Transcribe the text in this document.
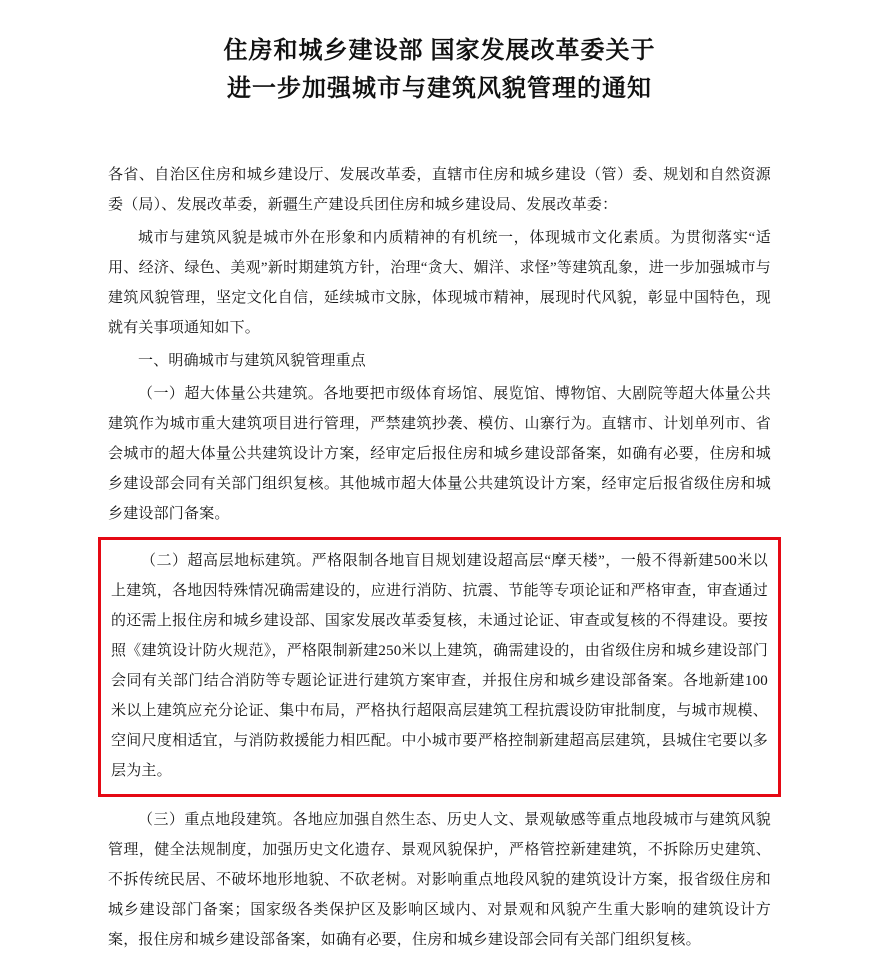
住房和城乡建设部 国家发展改革委关于
进一步加强城市与建筑风貌管理的通知

各省、自治区住房和城乡建设厅、发展改革委，直辖市住房和城乡建设（管）委、规划和自然资源委（局）、发展改革委，新疆生产建设兵团住房和城乡建设局、发展改革委：

城市与建筑风貌是城市外在形象和内质精神的有机统一，体现城市文化素质。为贯彻落实“适用、经济、绿色、美观”新时期建筑方针，治理“贪大、媚洋、求怪”等建筑乱象，进一步加强城市与建筑风貌管理，坚定文化自信，延续城市文脉，体现城市精神，展现时代风貌，彰显中国特色，现就有关事项通知如下。

一、明确城市与建筑风貌管理重点

（一）超大体量公共建筑。各地要把市级体育场馆、展览馆、博物馆、大剧院等超大体量公共建筑作为城市重大建筑项目进行管理，严禁建筑抄袭、模仿、山寨行为。直辖市、计划单列市、省会城市的超大体量公共建筑设计方案，经审定后报住房和城乡建设部备案，如确有必要，住房和城乡建设部会同有关部门组织复核。其他城市超大体量公共建筑设计方案，经审定后报省级住房和城乡建设部门备案。

（二）超高层地标建筑。严格限制各地盲目规划建设超高层“摩天楼”，一般不得新建500米以上建筑，各地因特殊情况确需建设的，应进行消防、抗震、节能等专项论证和严格审查，审查通过的还需上报住房和城乡建设部、国家发展改革委复核，未通过论证、审查或复核的不得建设。要按照《建筑设计防火规范》，严格限制新建250米以上建筑，确需建设的，由省级住房和城乡建设部门会同有关部门结合消防等专题论证进行建筑方案审查，并报住房和城乡建设部备案。各地新建100米以上建筑应充分论证、集中布局，严格执行超限高层建筑工程抗震设防审批制度，与城市规模、空间尺度相适宜，与消防救援能力相匹配。中小城市要严格控制新建超高层建筑，县城住宅要以多层为主。

（三）重点地段建筑。各地应加强自然生态、历史人文、景观敏感等重点地段城市与建筑风貌管理，健全法规制度，加强历史文化遗存、景观风貌保护，严格管控新建建筑，不拆除历史建筑、不拆传统民居、不破坏地形地貌、不砍老树。对影响重点地段风貌的建筑设计方案，报省级住房和城乡建设部门备案；国家级各类保护区及影响区域内、对景观和风貌产生重大影响的建筑设计方案，报住房和城乡建设部备案，如确有必要，住房和城乡建设部会同有关部门组织复核。
